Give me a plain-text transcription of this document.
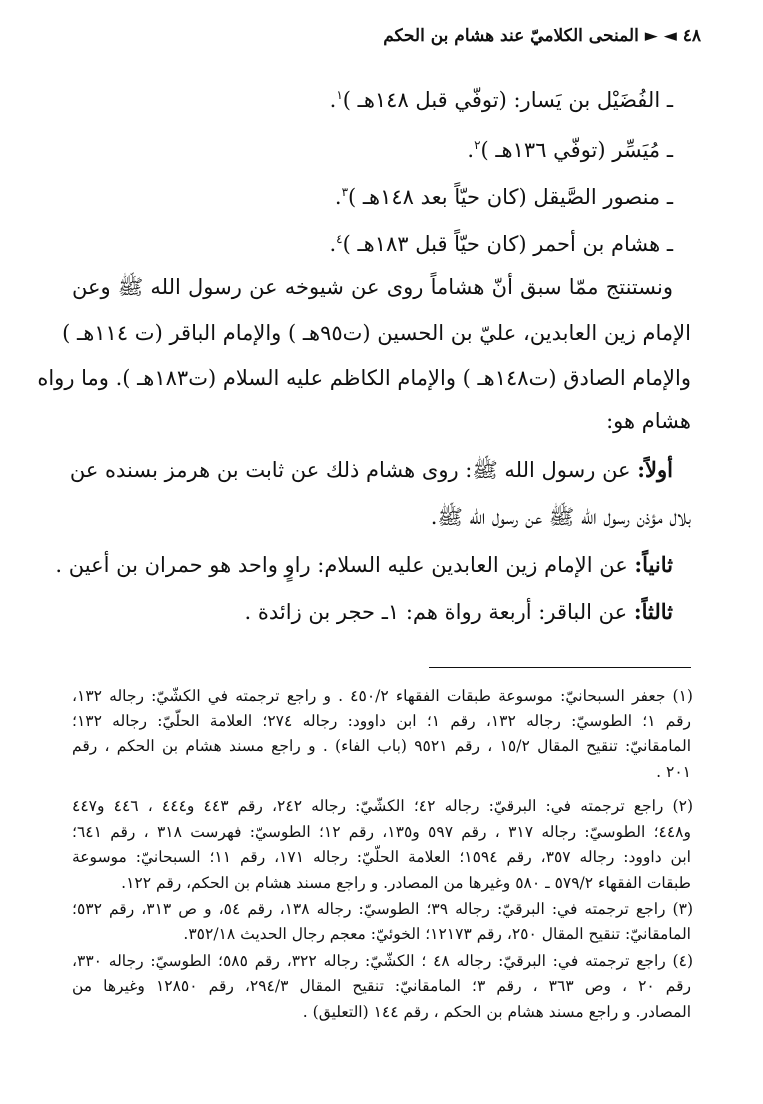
٤٨ ◄ ► المنحى الكلاميّ عند هشام بن الحكم
ـ الفُضَيْل بن يَسار: (توفّي قبل ١٤٨هـ )$^١$.
ـ مُيَسِّر (توفّي ١٣٦هـ )$^٢$.
ـ منصور الصَّيقل (كان حيّاً بعد ١٤٨هـ )$^٣$.
ـ هشام بن أحمر (كان حيّاً قبل ١٨٣هـ )$^٤$.
ونستنتج ممّا سبق أنّ هشاماً روى عن شيوخه عن رسول الله ﷺ وعن
الإمام زين العابدين، عليّ بن الحسين (ت٩٥هـ ) والإمام الباقر (ت ١١٤هـ )
والإمام الصادق (ت١٤٨هـ ) والإمام الكاظم عليه السلام (ت١٨٣هـ ). وما رواه
هشام هو:
أولاً: عن رسول الله ﷺ: روى هشام ذلك عن ثابت بن هرمز بسنده عن
بلال مؤذن رسول الله ﷺ عن رسول الله ﷺ.
ثانياً: عن الإمام زين العابدين عليه السلام: راوٍ واحد هو حمران بن أعين .
ثالثاً: عن الباقر: أربعة رواة هم: ١ـ حجر بن زائدة .
(١) جعفر السبحانيّ: موسوعة طبقات الفقهاء ٤٥٠/٢ . و راجع ترجمته في الكشّيّ: رجاله ١٣٢،
رقم ١؛ الطوسيّ: رجاله ١٣٢، رقم ١؛ ابن داوود: رجاله ٢٧٤؛ العلامة الحلّيّ: رجاله ١٣٢؛
المامقانيّ: تنقيح المقال ١٥/٢ ، رقم ٩٥٢١ (باب الفاء) . و راجع مسند هشام بن الحكم ، رقم
٢٠١ .
(٢) راجع ترجمته في: البرقيّ: رجاله ٤٢؛ الكشّيّ: رجاله ٢٤٢، رقم ٤٤٣ و٤٤٤ ، ٤٤٦ و٤٤٧
و٤٤٨؛ الطوسيّ: رجاله ٣١٧ ، رقم ٥٩٧ و١٣٥، رقم ١٢؛ الطوسيّ: فهرست ٣١٨ ، رقم ٦٤١؛
ابن داوود: رجاله ٣٥٧، رقم ١٥٩٤؛ العلامة الحلّيّ: رجاله ١٧١، رقم ١١؛ السبحانيّ: موسوعة
طبقات الفقهاء ٥٧٩/٢ ـ ٥٨٠ وغيرها من المصادر. و راجع مسند هشام بن الحكم، رقم ١٢٢.
(٣) راجع ترجمته في: البرقيّ: رجاله ٣٩؛ الطوسيّ: رجاله ١٣٨، رقم ٥٤، و ص ٣١٣، رقم ٥٣٢؛
المامقانيّ: تنقيح المقال ٢٥٠، رقم ١٢١٧٣؛ الخوئيّ: معجم رجال الحديث ٣٥٢/١٨.
(٤) راجع ترجمته في: البرقيّ: رجاله ٤٨ ؛ الكشّيّ: رجاله ٣٢٢، رقم ٥٨٥؛ الطوسيّ: رجاله ٣٣٠،
رقم ٢٠ ، وص ٣٦٣ ، رقم ٣؛ المامقانيّ: تنقيح المقال ٢٩٤/٣، رقم ١٢٨٥٠ وغيرها من
المصادر. و راجع مسند هشام بن الحكم ، رقم ١٤٤ (التعليق) .
